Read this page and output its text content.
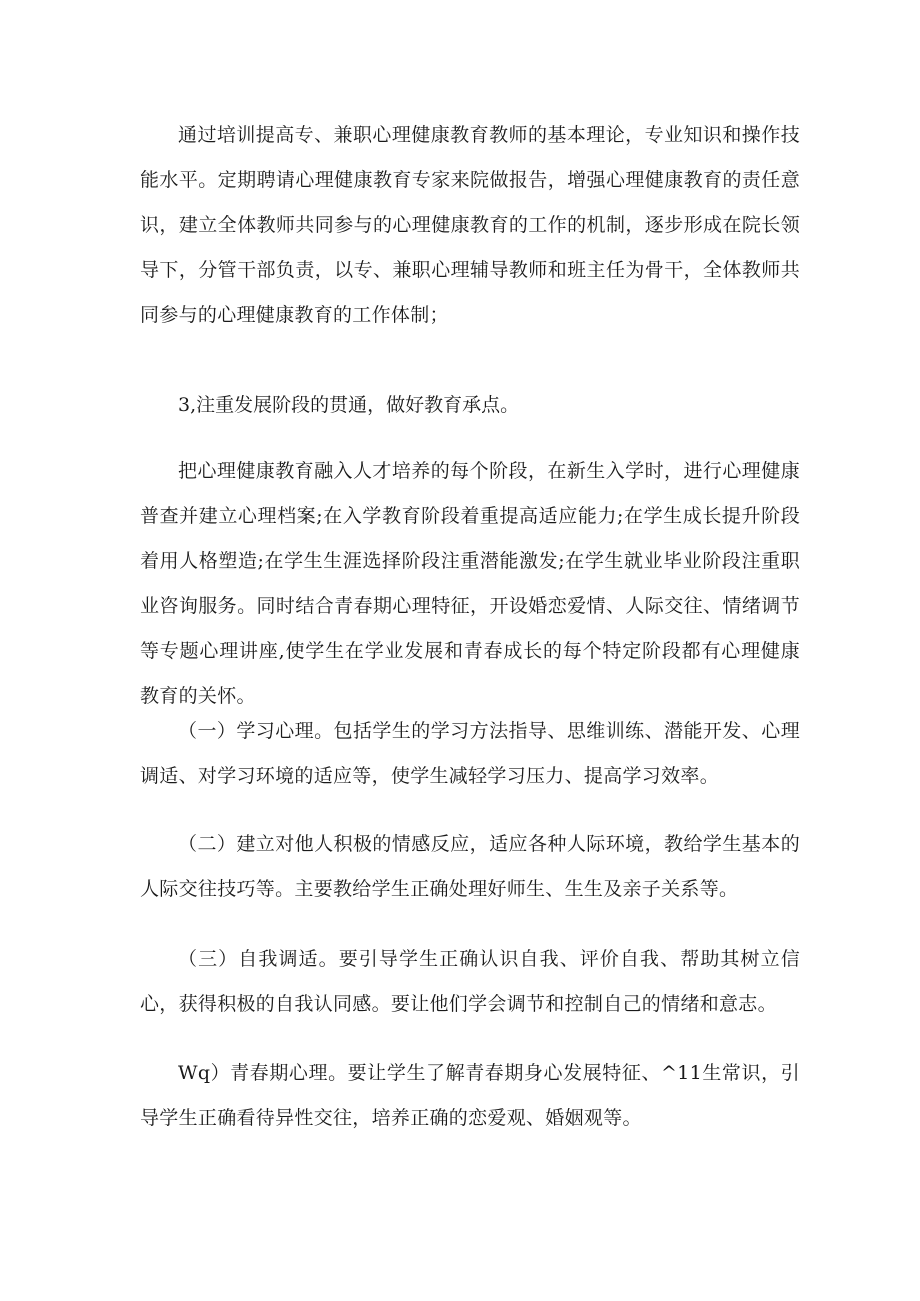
通过培训提高专、兼职心理健康教育教师的基本理论，专业知识和操作技能水平。定期聘请心理健康教育专家来院做报告，增强心理健康教育的责任意识，建立全体教师共同参与的心理健康教育的工作的机制，逐步形成在院长领导下，分管干部负责，以专、兼职心理辅导教师和班主任为骨干，全体教师共同参与的心理健康教育的工作体制；

3,注重发展阶段的贯通，做好教育承点。

把心理健康教育融入人才培养的每个阶段，在新生入学时，进行心理健康普查并建立心理档案;在入学教育阶段着重提高适应能力;在学生成长提升阶段着用人格塑造;在学生生涯选择阶段注重潜能激发;在学生就业毕业阶段注重职业咨询服务。同时结合青春期心理特征，开设婚恋爱情、人际交往、情绪调节等专题心理讲座,使学生在学业发展和青春成长的每个特定阶段都有心理健康教育的关怀。

（一）学习心理。包括学生的学习方法指导、思维训练、潜能开发、心理调适、对学习环境的适应等，使学生减轻学习压力、提高学习效率。

（二）建立对他人积极的情感反应，适应各种人际环境，教给学生基本的人际交往技巧等。主要教给学生正确处理好师生、生生及亲子关系等。

（三）自我调适。要引导学生正确认识自我、评价自我、帮助其树立信心，获得积极的自我认同感。要让他们学会调节和控制自己的情绪和意志。

Wq）青春期心理。要让学生了解青春期身心发展特征、^11生常识，引导学生正确看待异性交往，培养正确的恋爱观、婚姻观等。
